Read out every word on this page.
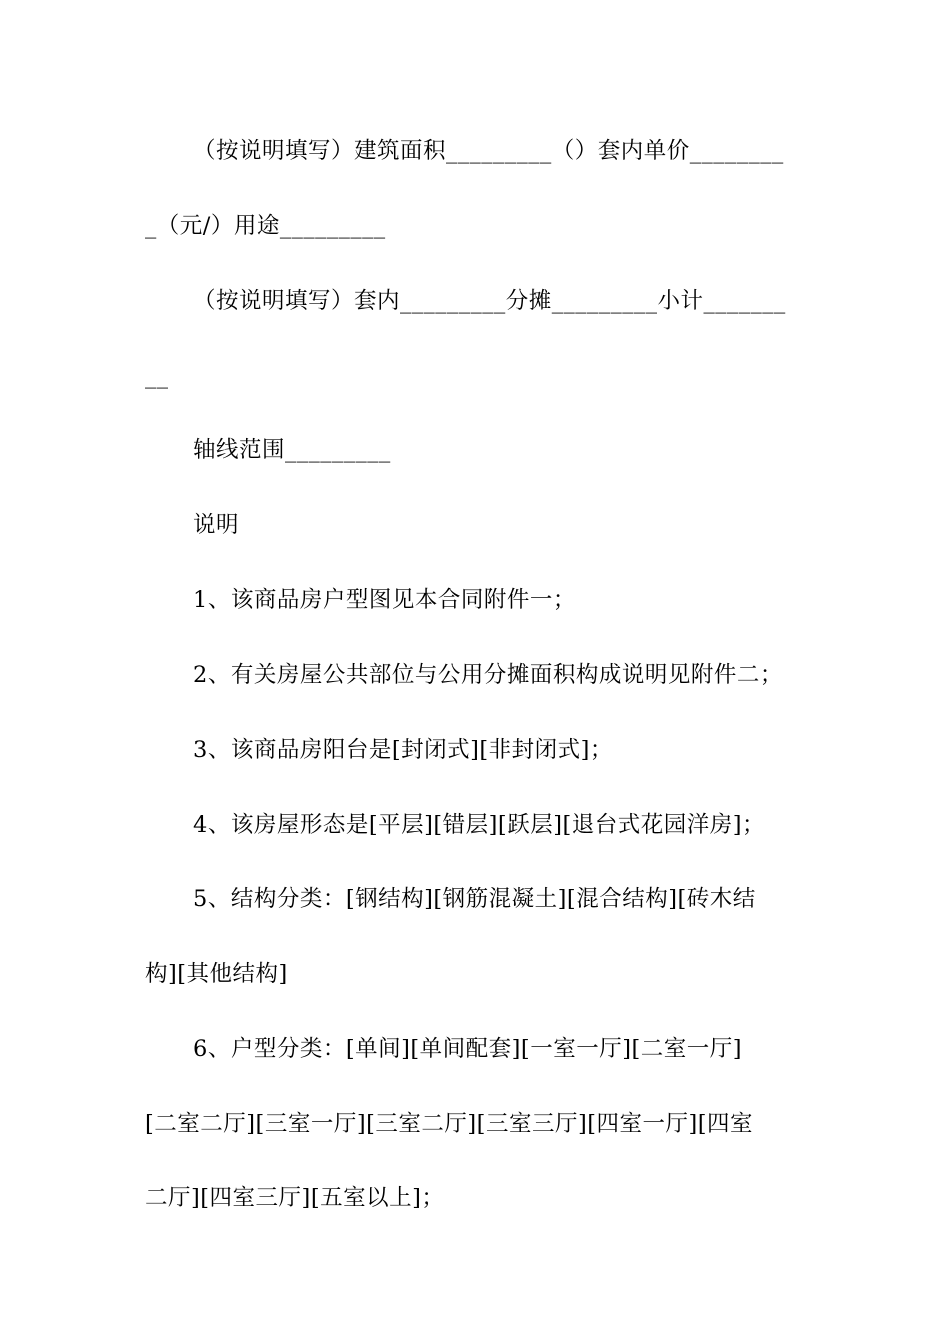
（按说明填写）建筑面积_________（）套内单价________

_（元/）用途_________

（按说明填写）套内_________分摊_________小计_______

__

轴线范围_________

说明

1、该商品房户型图见本合同附件一；

2、有关房屋公共部位与公用分摊面积构成说明见附件二；

3、该商品房阳台是[封闭式][非封闭式]；

4、该房屋形态是[平层][错层][跃层][退台式花园洋房]；

5、结构分类：[钢结构][钢筋混凝土][混合结构][砖木结

构][其他结构]

6、户型分类：[单间][单间配套][一室一厅][二室一厅]

[二室二厅][三室一厅][三室二厅][三室三厅][四室一厅][四室

二厅][四室三厅][五室以上]；
